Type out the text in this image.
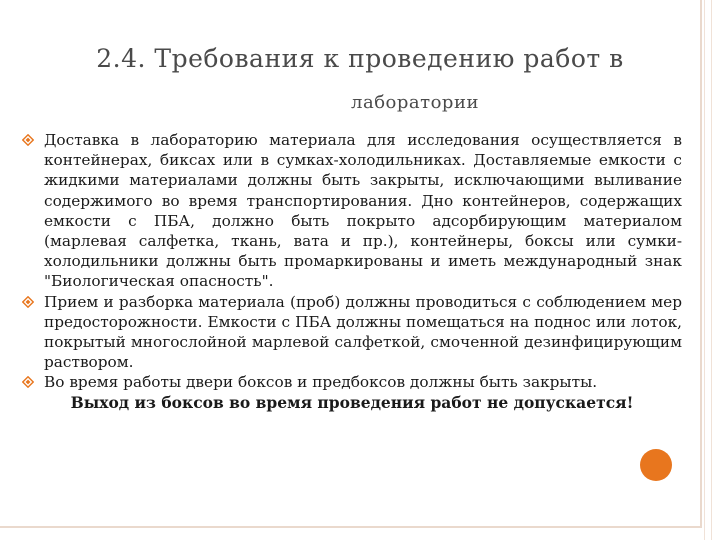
2.4. Требования к проведению работ в
лаборатории
Доставка в лабораторию материала для исследования осуществляется в контейнерах, биксах или в сумках-холодильниках. Доставляемые емкости с жидкими материалами должны быть закрыты, исключающими выливание содержимого во время транспортирования. Дно контейнеров, содержащих емкости с ПБА, должно быть покрыто адсорбирующим материалом (марлевая салфетка, ткань, вата и пр.), контейнеры, боксы или сумки-холодильники должны быть промаркированы и иметь международный знак "Биологическая опасность".
Прием и разборка материала (проб) должны проводиться с соблюдением мер предосторожности. Емкости с ПБА должны помещаться на поднос или лоток, покрытый многослойной марлевой салфеткой, смоченной дезинфицирующим раствором.
Во время работы двери боксов и предбоксов должны быть закрыты.
Выход из боксов во время проведения работ не допускается!
